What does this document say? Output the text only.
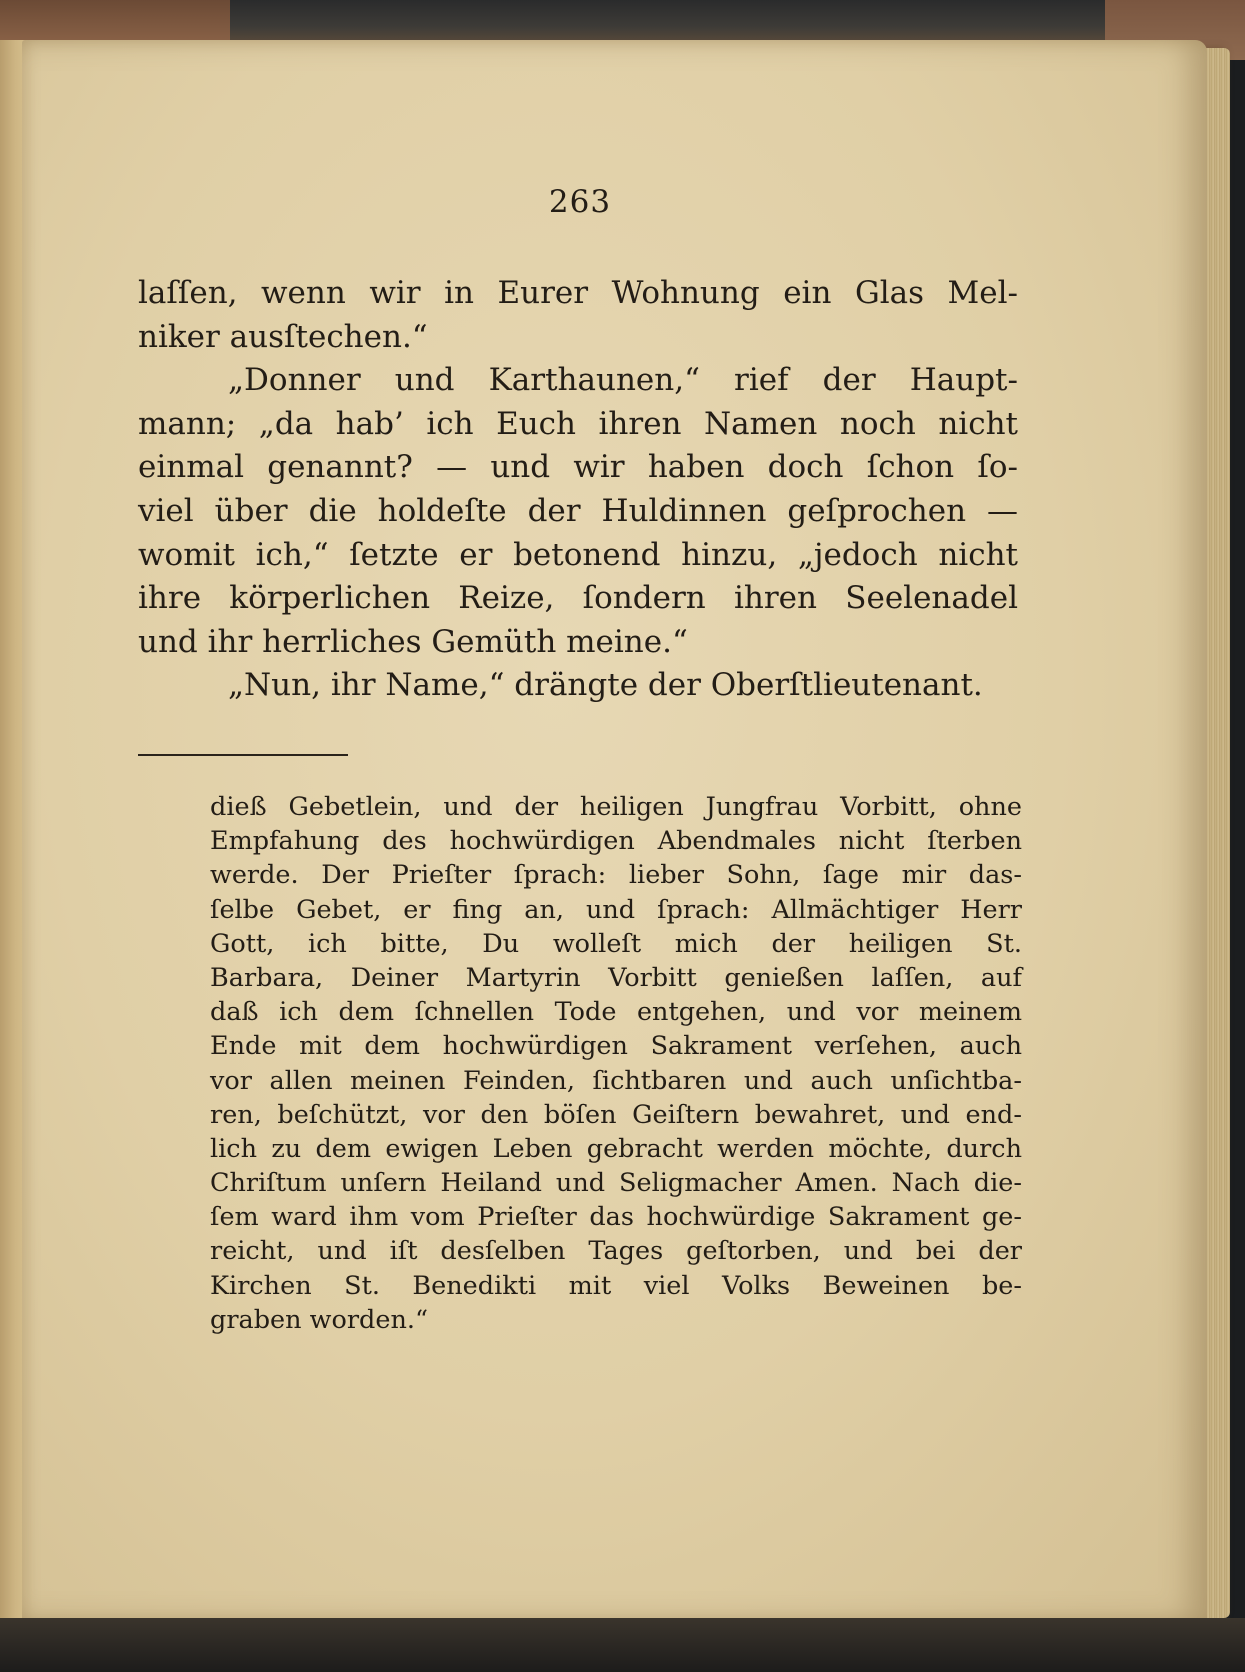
263
laſſen, wenn wir in Eurer Wohnung ein Glas Mel-
niker ausſtechen.“
„Donner und Karthaunen,“ rief der Haupt-
mann; „da hab’ ich Euch ihren Namen noch nicht
einmal genannt? — und wir haben doch ſchon ſo-
viel über die holdeſte der Huldinnen geſprochen —
womit ich,“ ſetzte er betonend hinzu, „jedoch nicht
ihre körperlichen Reize, ſondern ihren Seelenadel
und ihr herrliches Gemüth meine.“
„Nun, ihr Name,“ drängte der Oberſtlieutenant.
dieß Gebetlein, und der heiligen Jungfrau Vorbitt, ohne
Empfahung des hochwürdigen Abendmales nicht ſterben
werde. Der Prieſter ſprach: lieber Sohn, ſage mir das-
ſelbe Gebet, er fing an, und ſprach: Allmächtiger Herr
Gott, ich bitte, Du wolleſt mich der heiligen St.
Barbara, Deiner Martyrin Vorbitt genießen laſſen, auf
daß ich dem ſchnellen Tode entgehen, und vor meinem
Ende mit dem hochwürdigen Sakrament verſehen, auch
vor allen meinen Feinden, ſichtbaren und auch unſichtba-
ren, beſchützt, vor den böſen Geiſtern bewahret, und end-
lich zu dem ewigen Leben gebracht werden möchte, durch
Chriſtum unſern Heiland und Seligmacher Amen. Nach die-
ſem ward ihm vom Prieſter das hochwürdige Sakrament ge-
reicht, und iſt desſelben Tages geſtorben, und bei der
Kirchen St. Benedikti mit viel Volks Beweinen be-
graben worden.“
